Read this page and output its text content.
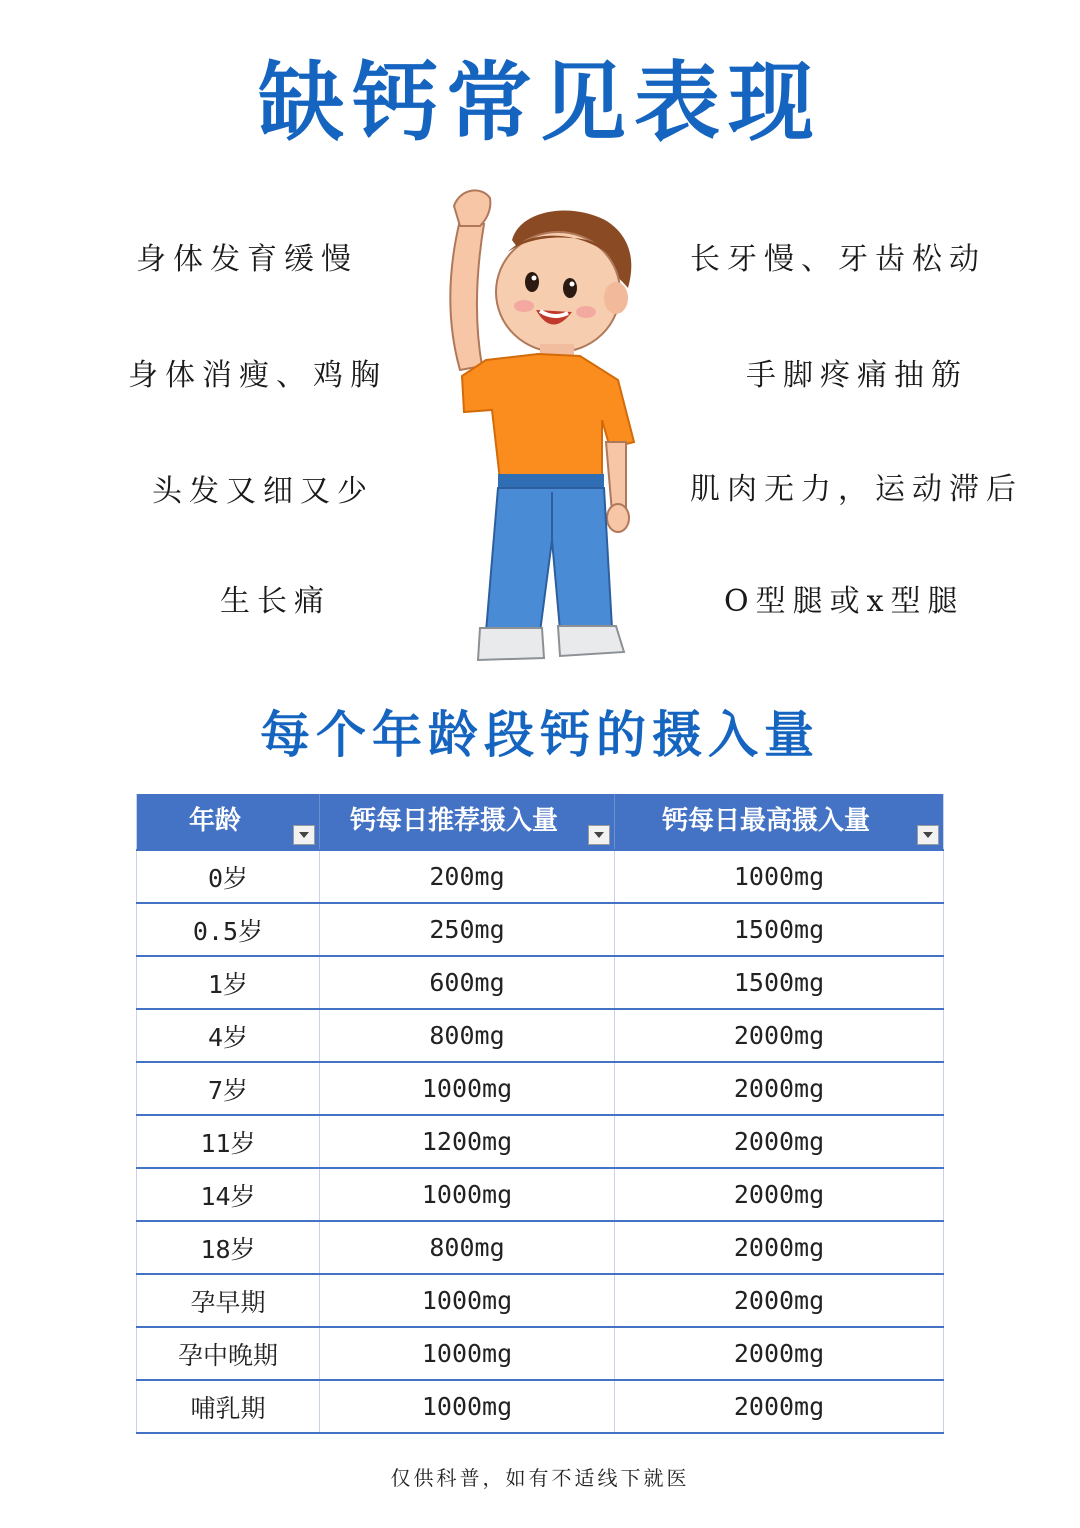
缺钙常见表现
身体发育缓慢
身体消瘦、鸡胸
头发又细又少
生长痛
长牙慢、牙齿松动
手脚疼痛抽筋
肌肉无力，运动滞后
O型腿或x型腿
每个年龄段钙的摄入量
年龄	钙每日推荐摄入量	钙每日最高摄入量

0岁	200mg	1000mg
0.5岁	250mg	1500mg
1岁	600mg	1500mg
4岁	800mg	2000mg
7岁	1000mg	2000mg
11岁	1200mg	2000mg
14岁	1000mg	2000mg
18岁	800mg	2000mg
孕早期	1000mg	2000mg
孕中晚期	1000mg	2000mg
哺乳期	1000mg	2000mg
仅供科普，如有不适线下就医
